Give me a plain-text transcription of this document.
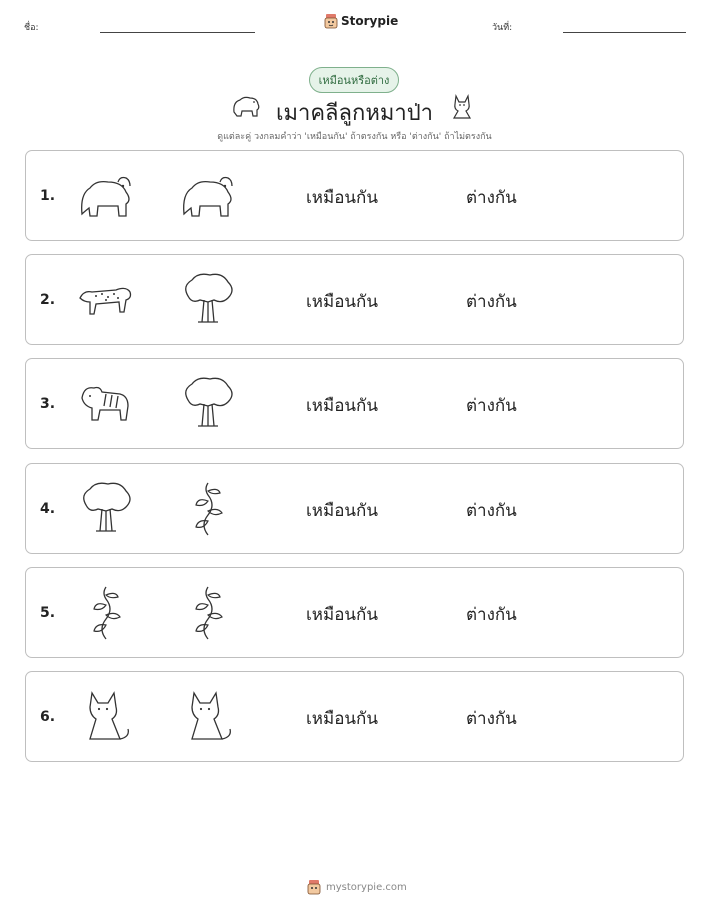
ชื่อ:	Storypie	วันที่:
เหมือนหรือต่าง
เมาคลีลูกหมาป่า
ดูแต่ละคู่ วงกลมคำว่า 'เหมือนกัน' ถ้าตรงกัน หรือ 'ต่างกัน' ถ้าไม่ตรงกัน
1.	เหมือนกัน	ต่างกัน
2.	เหมือนกัน	ต่างกัน
3.	เหมือนกัน	ต่างกัน
4.	เหมือนกัน	ต่างกัน
5.	เหมือนกัน	ต่างกัน
6.	เหมือนกัน	ต่างกัน
mystorypie.com
